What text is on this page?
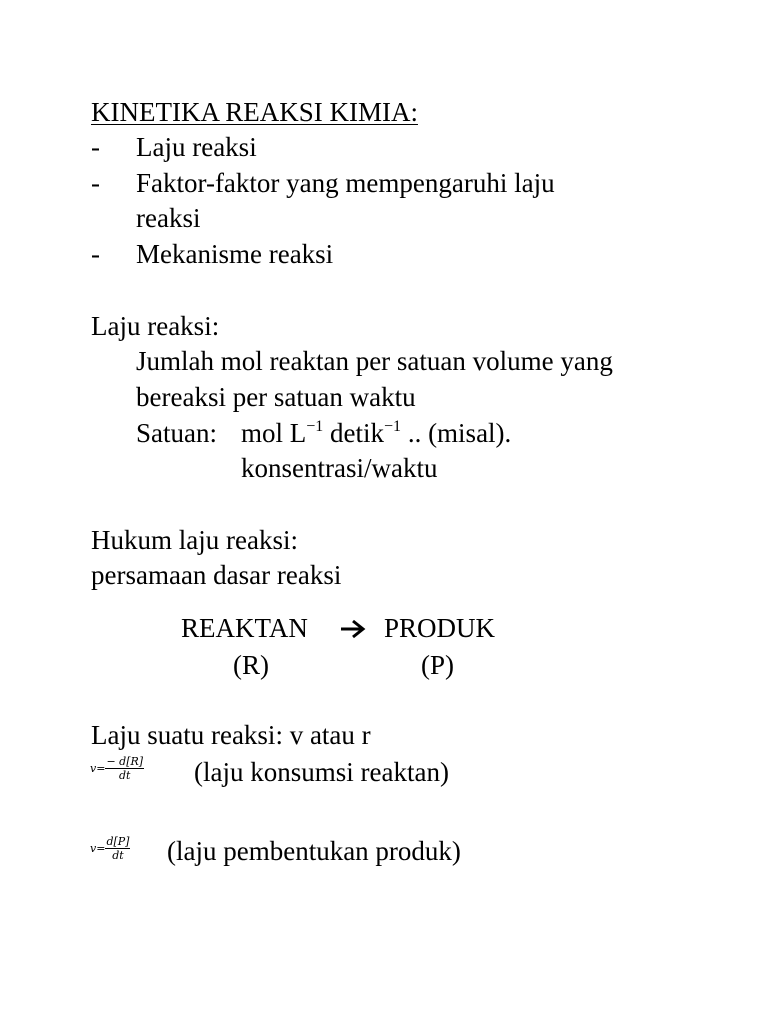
KINETIKA REAKSI KIMIA:
- Laju reaksi
- Faktor-faktor yang mempengaruhi laju
reaksi
- Mekanisme reaksi
Laju reaksi:
Jumlah mol reaktan per satuan volume yang
bereaksi per satuan waktu
Satuan: mol $L^{-1}$ detik$^{-1}$ .. (misal).
konsentrasi/waktu
Hukum laju reaksi:
persamaan dasar reaksi
REAKTAN	PRODUK
(R)	(P)
Laju suatu reaksi: v atau r
$v= \frac{- d[R]}{dt}$ (laju konsumsi reaktan)
$v= \frac{d[P]}{dt}$ (laju pembentukan produk)
